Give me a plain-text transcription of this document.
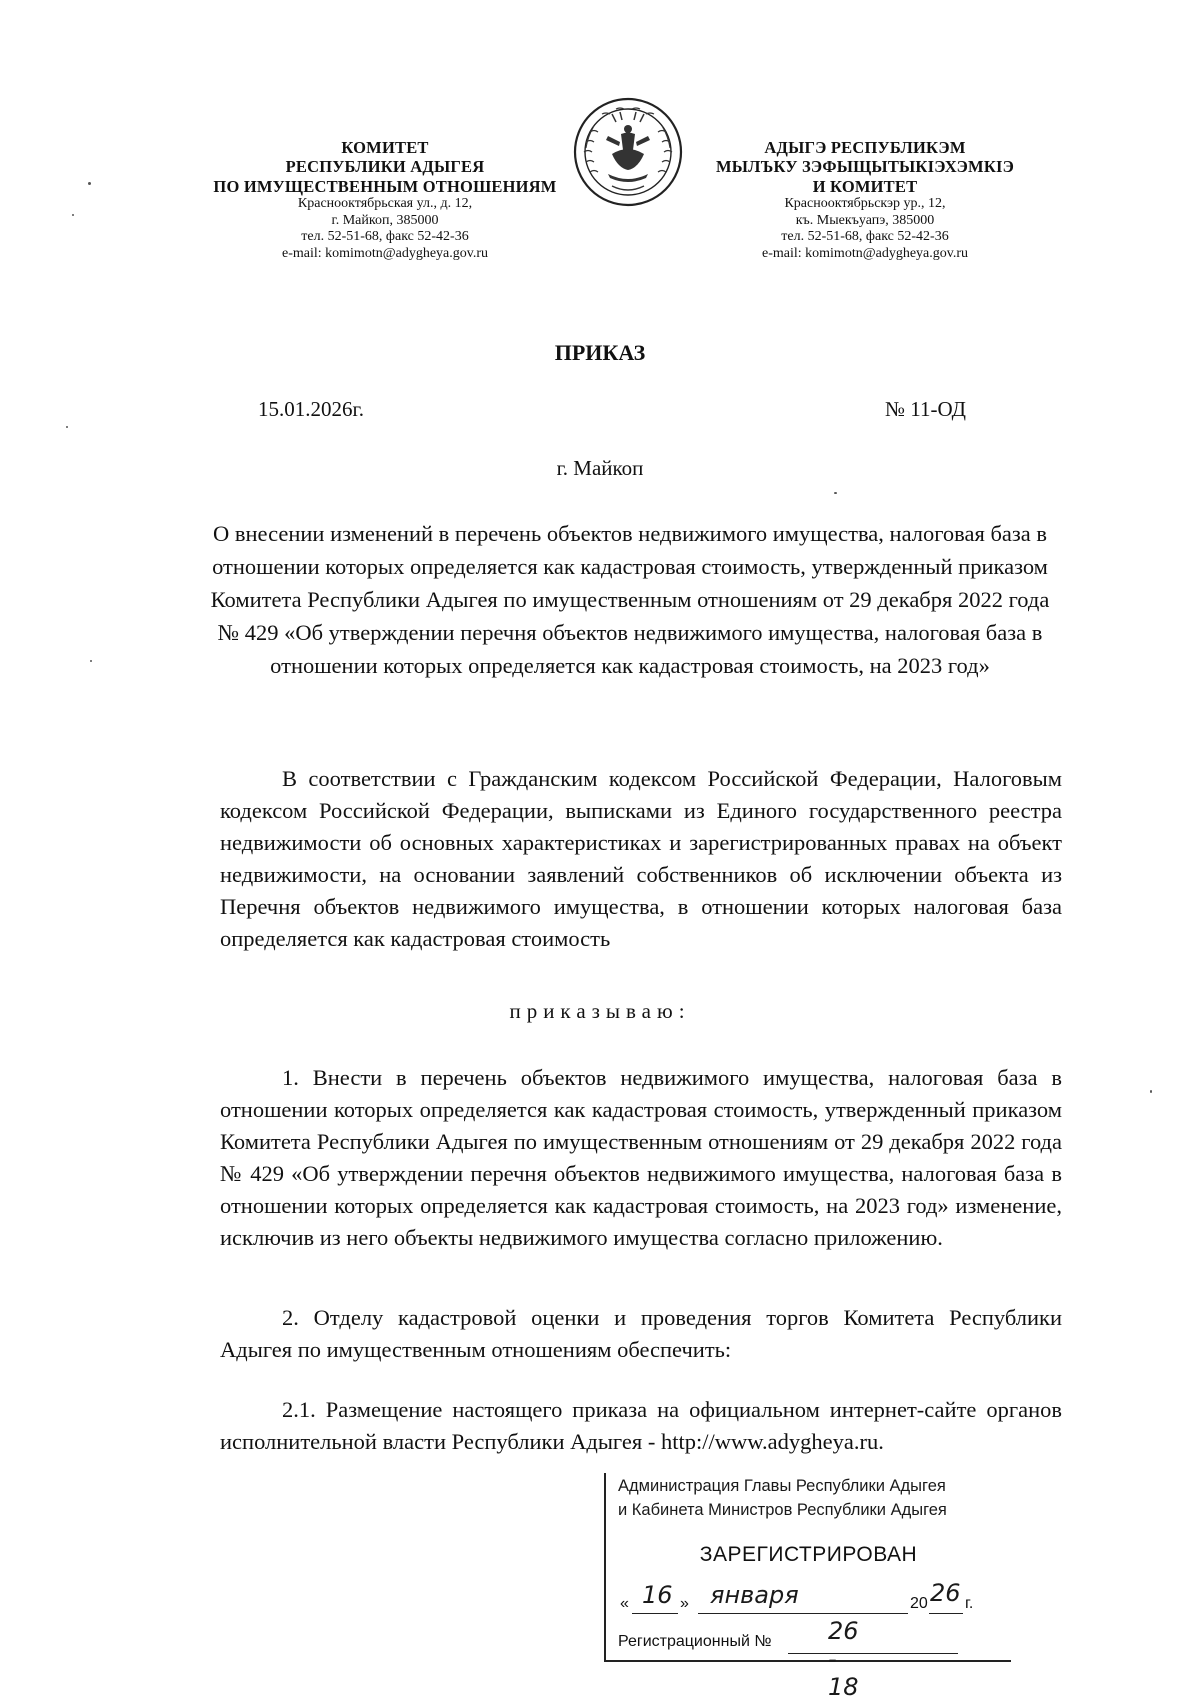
КОМИТЕТ
РЕСПУБЛИКИ АДЫГЕЯ
ПО ИМУЩЕСТВЕННЫМ ОТНОШЕНИЯМ
Краснооктябрьская ул., д. 12,
г. Майкоп, 385000
тел. 52-51-68, факс 52-42-36
e-mail: komimotn@adygheya.gov.ru
АДЫГЭ РЕСПУБЛИКЭМ
МЫЛЪКУ ЗЭФЫЩЫТЫКIЭХЭМКIЭ
И КОМИТЕТ
Краснооктябрьскэр ур., 12,
къ. Мыекъуапэ, 385000
тел. 52-51-68, факс 52-42-36
e-mail: komimotn@adygheya.gov.ru
ПРИКАЗ
15.01.2026г.	№ 11-ОД
г. Майкоп
О внесении изменений в перечень объектов недвижимого имущества, налоговая база в отношении которых определяется как кадастровая стоимость, утвержденный приказом Комитета Республики Адыгея по имущественным отношениям от 29 декабря 2022 года № 429 «Об утверждении перечня объектов недвижимого имущества, налоговая база в отношении которых определяется как кадастровая стоимость, на 2023 год»
В соответствии с Гражданским кодексом Российской Федерации, Налоговым кодексом Российской Федерации, выписками из Единого государственного реестра недвижимости об основных характеристиках и зарегистрированных правах на объект недвижимости, на основании заявлений собственников об исключении объекта из Перечня объектов недвижимого имущества, в отношении которых налоговая база определяется как кадастровая стоимость
приказываю:
1. Внести в перечень объектов недвижимого имущества, налоговая база в отношении которых определяется как кадастровая стоимость, утвержденный приказом Комитета Республики Адыгея по имущественным отношениям от 29 декабря 2022 года № 429 «Об утверждении перечня объектов недвижимого имущества, налоговая база в отношении которых определяется как кадастровая стоимость, на 2023 год» изменение, исключив из него объекты недвижимого имущества согласно приложению.
2. Отделу кадастровой оценки и проведения торгов Комитета Республики Адыгея по имущественным отношениям обеспечить:
2.1. Размещение настоящего приказа на официальном интернет-сайте органов исполнительной власти Республики Адыгея - http://www.adygheya.ru.
Администрация Главы Республики Адыгея
и Кабинета Министров Республики Адыгея
ЗАРЕГИСТРИРОВАН
« 16 » января	20 26 г.
Регистрационный № 26 - 18
